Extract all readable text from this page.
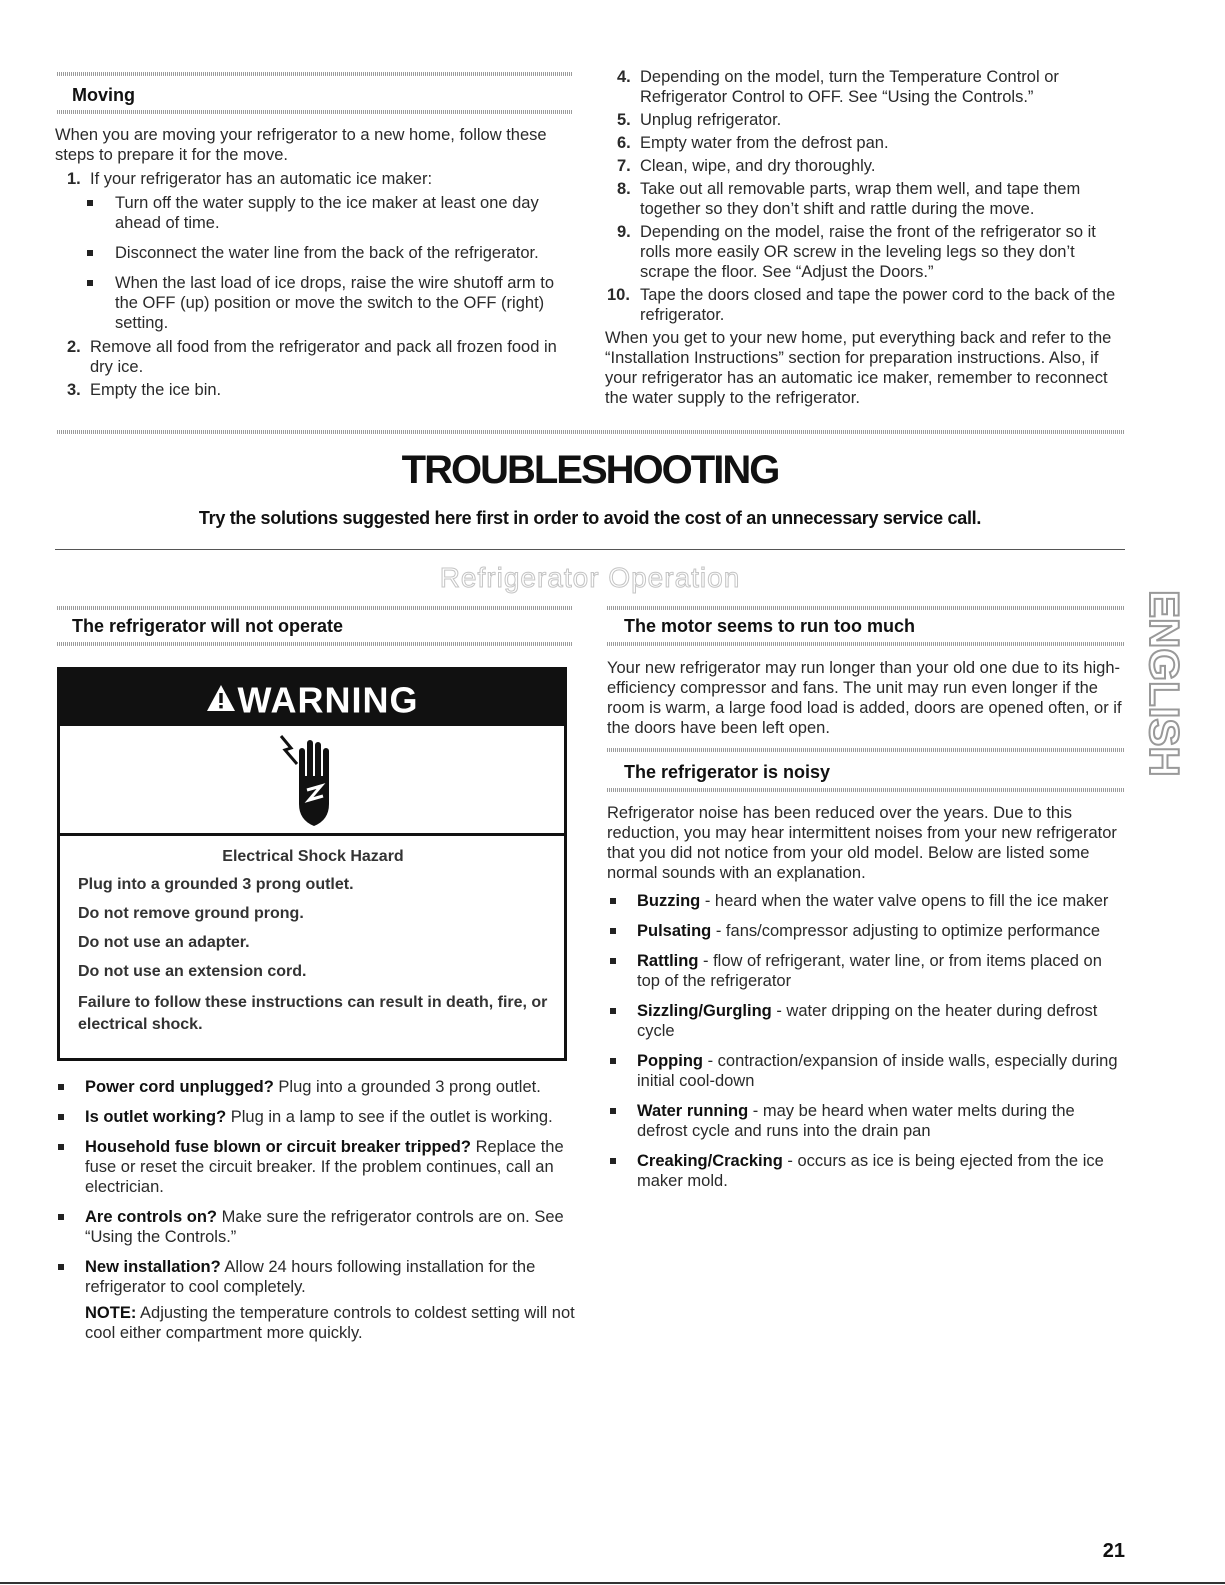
Moving

When you are moving your refrigerator to a new home, follow these steps to prepare it for the move.

1. If your refrigerator has an automatic ice maker:
Turn off the water supply to the ice maker at least one day ahead of time.
Disconnect the water line from the back of the refrigerator.
When the last load of ice drops, raise the wire shutoff arm to the OFF (up) position or move the switch to the OFF (right) setting.
2. Remove all food from the refrigerator and pack all frozen food in dry ice.
3. Empty the ice bin.
4. Depending on the model, turn the Temperature Control or Refrigerator Control to OFF. See “Using the Controls.”
5. Unplug refrigerator.
6. Empty water from the defrost pan.
7. Clean, wipe, and dry thoroughly.
8. Take out all removable parts, wrap them well, and tape them together so they don’t shift and rattle during the move.
9. Depending on the model, raise the front of the refrigerator so it rolls more easily OR screw in the leveling legs so they don’t scrape the floor. See “Adjust the Doors.”
10. Tape the doors closed and tape the power cord to the back of the refrigerator.

When you get to your new home, put everything back and refer to the “Installation Instructions” section for preparation instructions. Also, if your refrigerator has an automatic ice maker, remember to reconnect the water supply to the refrigerator.

TROUBLESHOOTING
Try the solutions suggested here first in order to avoid the cost of an unnecessary service call.
Refrigerator Operation
ENGLISH
The refrigerator will not operate
WARNING

Electrical Shock Hazard

Plug into a grounded 3 prong outlet.

Do not remove ground prong.

Do not use an adapter.

Do not use an extension cord.

Failure to follow these instructions can result in death, fire, or electrical shock.

Power cord unplugged? Plug into a grounded 3 prong outlet.
Is outlet working? Plug in a lamp to see if the outlet is working.
Household fuse blown or circuit breaker tripped? Replace the fuse or reset the circuit breaker. If the problem continues, call an electrician.
Are controls on? Make sure the refrigerator controls are on. See “Using the Controls.”
New installation? Allow 24 hours following installation for the refrigerator to cool completely.

NOTE: Adjusting the temperature controls to coldest setting will not cool either compartment more quickly.

The motor seems to run too much
Your new refrigerator may run longer than your old one due to its high-efficiency compressor and fans. The unit may run even longer if the room is warm, a large food load is added, doors are opened often, or if the doors have been left open.
The refrigerator is noisy

Refrigerator noise has been reduced over the years. Due to this reduction, you may hear intermittent noises from your new refrigerator that you did not notice from your old model. Below are listed some normal sounds with an explanation.

Buzzing - heard when the water valve opens to fill the ice maker
Pulsating - fans/compressor adjusting to optimize performance
Rattling - flow of refrigerant, water line, or from items placed on top of the refrigerator
Sizzling/Gurgling - water dripping on the heater during defrost cycle
Popping - contraction/expansion of inside walls, especially during initial cool-down
Water running - may be heard when water melts during the defrost cycle and runs into the drain pan
Creaking/Cracking - occurs as ice is being ejected from the ice maker mold.
21
